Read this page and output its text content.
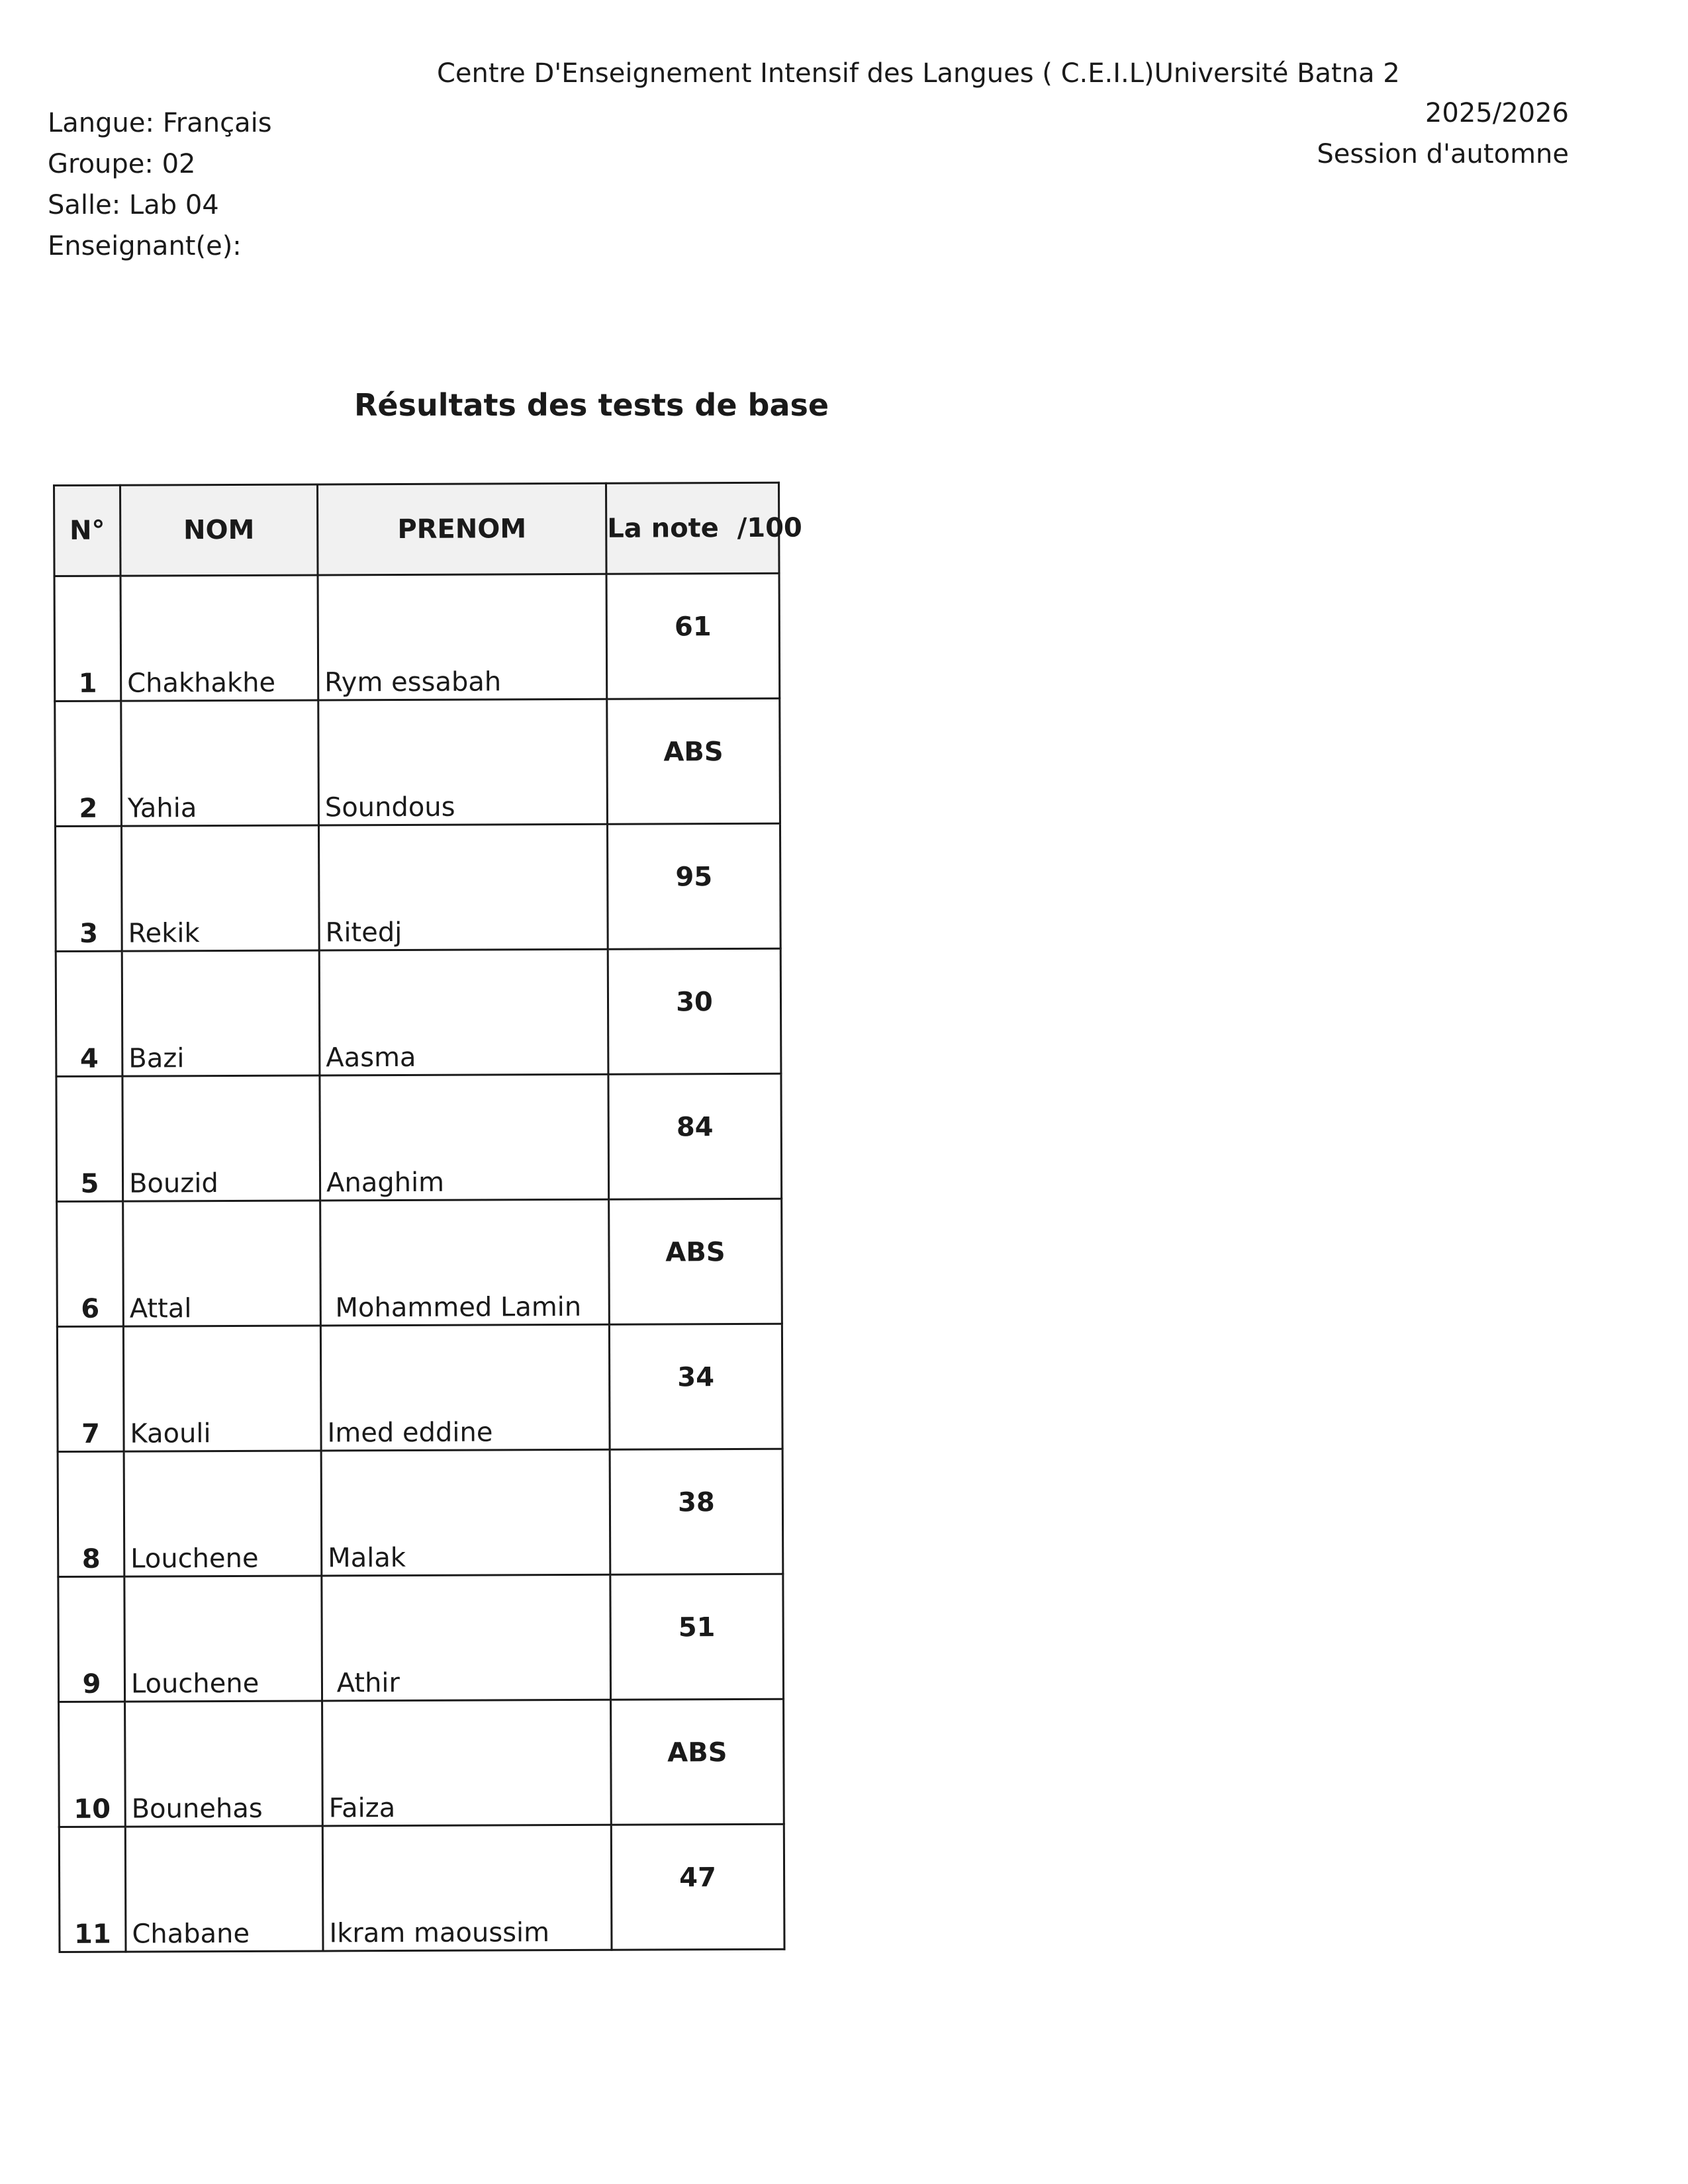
Centre D'Enseignement Intensif des Langues ( C.E.I.L)Université Batna 2
Langue: Français
Groupe: 02
Salle: Lab 04
Enseignant(e):
2025/2026
Session d'automne
Résultats des tests de base
N°	NOM	PRENOM	La note  /100
1	Chakhakhe	Rym essabah	61
2	Yahia	Soundous	ABS
3	Rekik	Ritedj	95
4	Bazi	Aasma	30
5	Bouzid	Anaghim	84
6	Attal	Mohammed Lamin	ABS
7	Kaouli	Imed eddine	34
8	Louchene	Malak	38
9	Louchene	Athir	51
10	Bounehas	Faiza	ABS
11	Chabane	Ikram maoussim	47
